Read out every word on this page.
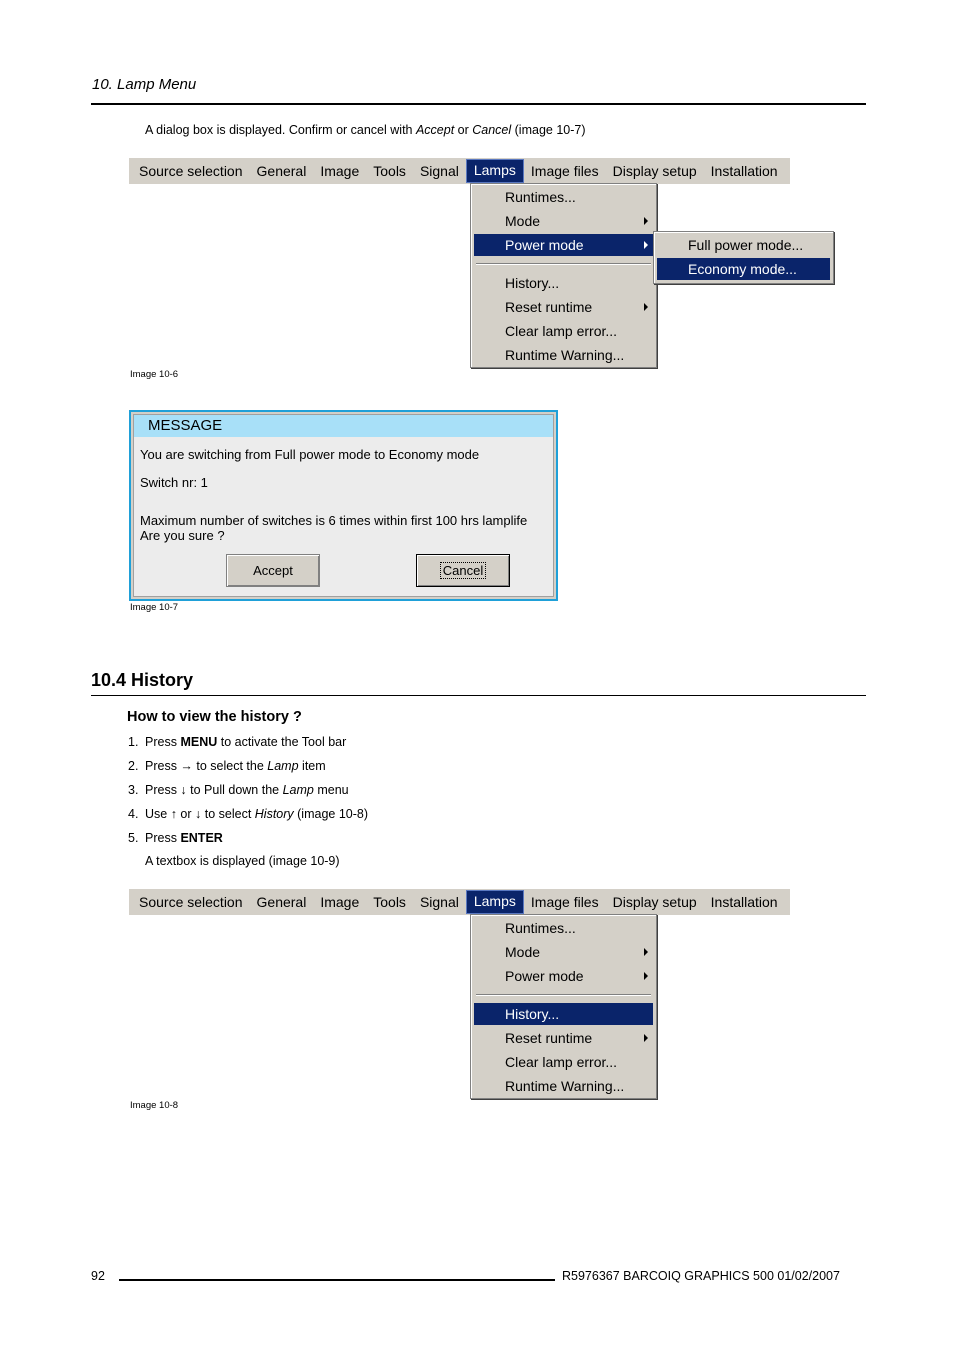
10. Lamp Menu
A dialog box is displayed. Confirm or cancel with Accept or Cancel (image 10-7)
Source selection	General	Image	Tools	Signal	Lamps	Image files	Display setup	Installation
Runtimes...
Mode
Power mode
History...
Reset runtime
Clear lamp error...
Runtime Warning...
Full power mode...
Economy mode...
Image 10-6
MESSAGE
You are switching from Full power mode to Economy mode
Switch nr: 1
Maximum number of switches is 6 times within first 100 hrs lamplife
Are you sure ?
Accept	Cancel
Image 10-7
10.4 History
How to view the history ?
1. Press MENU to activate the Tool bar
2. Press → to select the Lamp item
3. Press ↓ to Pull down the Lamp menu
4. Use ↑ or ↓ to select History (image 10-8)
5. Press ENTER
A textbox is displayed (image 10-9)
Source selection	General	Image	Tools	Signal	Lamps	Image files	Display setup	Installation
Runtimes...
Mode
Power mode
History...
Reset runtime
Clear lamp error...
Runtime Warning...
Image 10-8
92	R5976367 BARCOIQ GRAPHICS 500 01/02/2007
